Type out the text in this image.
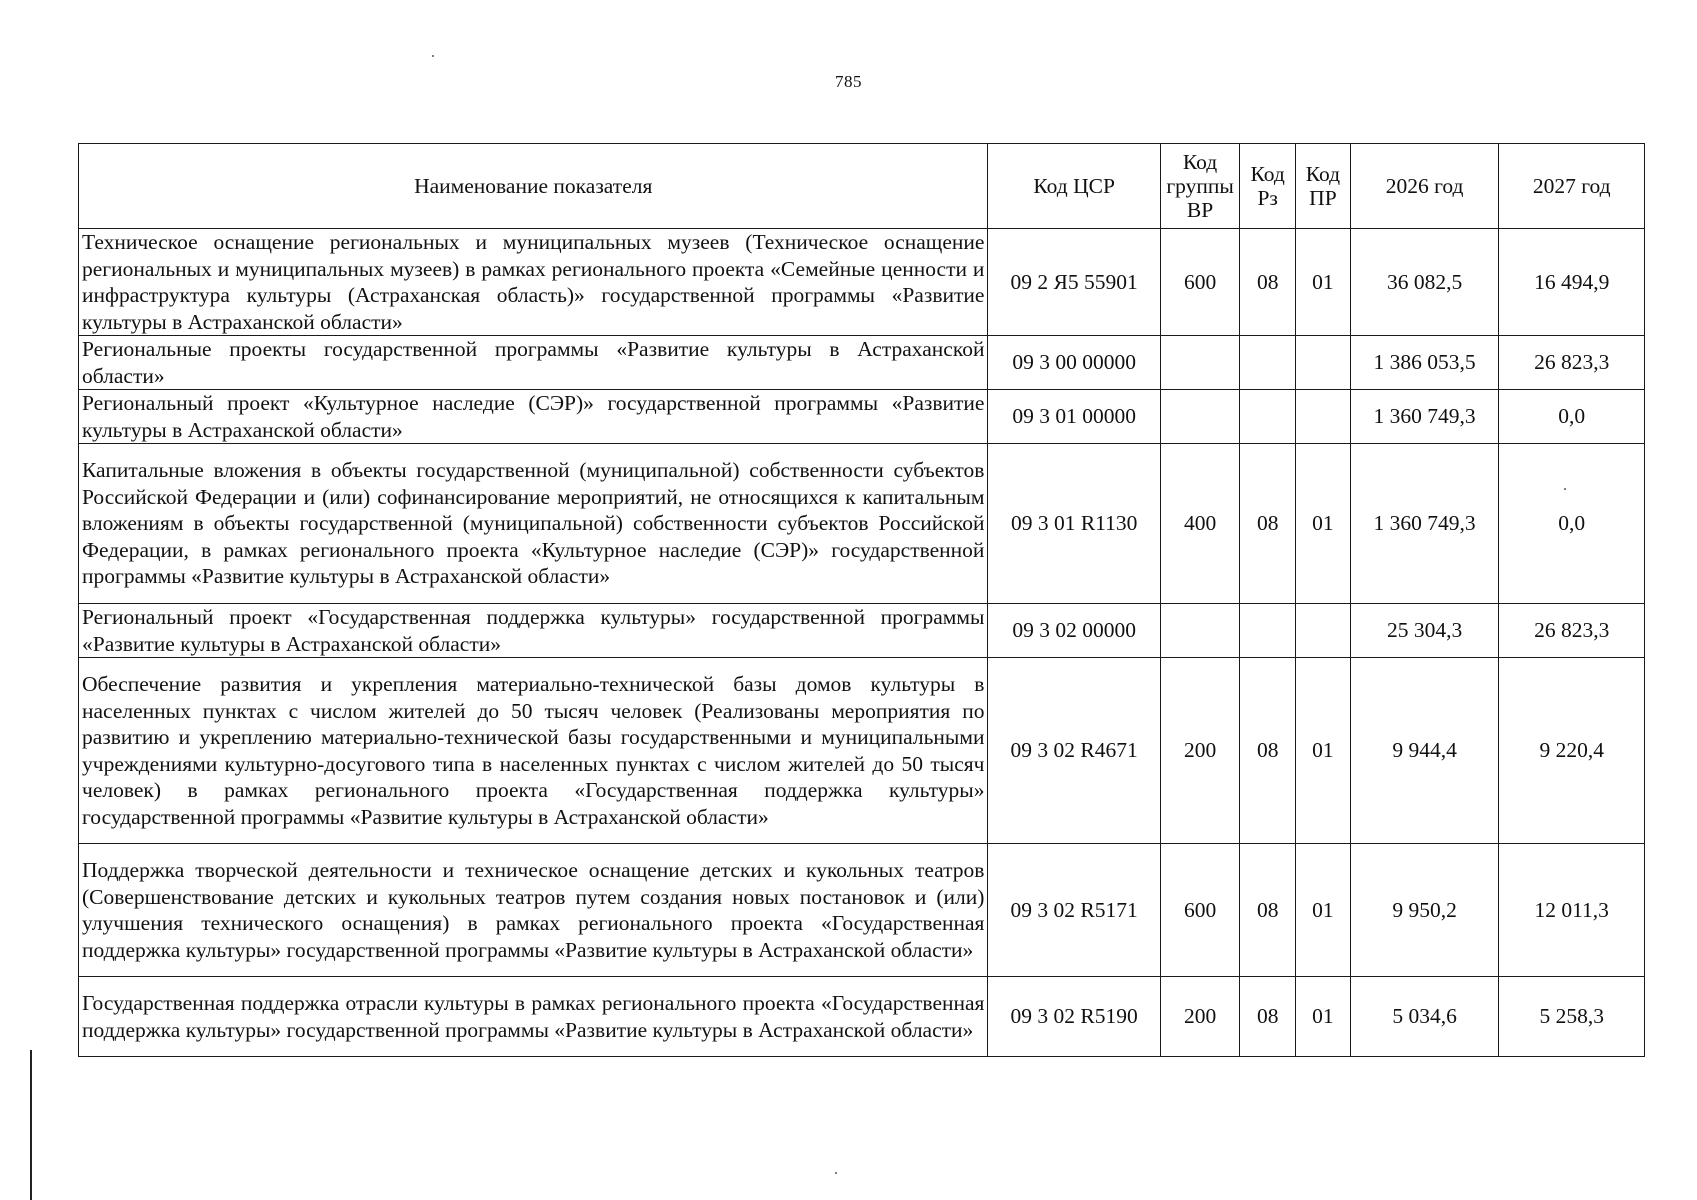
785
Наименование показателя	Код ЦСР	Код группы ВР	Код Рз	Код ПР	2026 год	2027 год
Техническое оснащение региональных и муниципальных музеев (Техническое оснащение региональных и муниципальных музеев) в рамках регионального проекта «Семейные ценности и инфраструктура культуры (Астраханская область)» государственной программы «Развитие культуры в Астраханской области»	09 2 Я5 55901	600	08	01	36 082,5	16 494,9
Региональные проекты государственной программы «Развитие культуры в Астраханской области»	09 3 00 00000				1 386 053,5	26 823,3
Региональный проект «Культурное наследие (СЭР)» государственной программы «Развитие культуры в Астраханской области»	09 3 01 00000				1 360 749,3	0,0
Капитальные вложения в объекты государственной (муниципальной) собственности субъектов Российской Федерации и (или) софинансирование мероприятий, не относящихся к капитальным вложениям в объекты государственной (муниципальной) собственности субъектов Российской Федерации, в рамках регионального проекта «Культурное наследие (СЭР)» государственной программы «Развитие культуры в Астраханской области»	09 3 01 R1130	400	08	01	1 360 749,3	0,0
Региональный проект «Государственная поддержка культуры» государственной программы «Развитие культуры в Астраханской области»	09 3 02 00000				25 304,3	26 823,3
Обеспечение развития и укрепления материально-технической базы домов культуры в населенных пунктах с числом жителей до 50 тысяч человек (Реализованы мероприятия по развитию и укреплению материально-технической базы государственными и муниципальными учреждениями культурно-досугового типа в населенных пунктах с числом жителей до 50 тысяч человек) в рамках регионального проекта «Государственная поддержка культуры» государственной программы «Развитие культуры в Астраханской области»	09 3 02 R4671	200	08	01	9 944,4	9 220,4
Поддержка творческой деятельности и техническое оснащение детских и кукольных театров (Совершенствование детских и кукольных театров путем создания новых постановок и (или) улучшения технического оснащения) в рамках регионального проекта «Государственная поддержка культуры» государственной программы «Развитие культуры в Астраханской области»	09 3 02 R5171	600	08	01	9 950,2	12 011,3
Государственная поддержка отрасли культуры в рамках регионального проекта «Государственная поддержка культуры» государственной программы «Развитие культуры в Астраханской области»	09 3 02 R5190	200	08	01	5 034,6	5 258,3
